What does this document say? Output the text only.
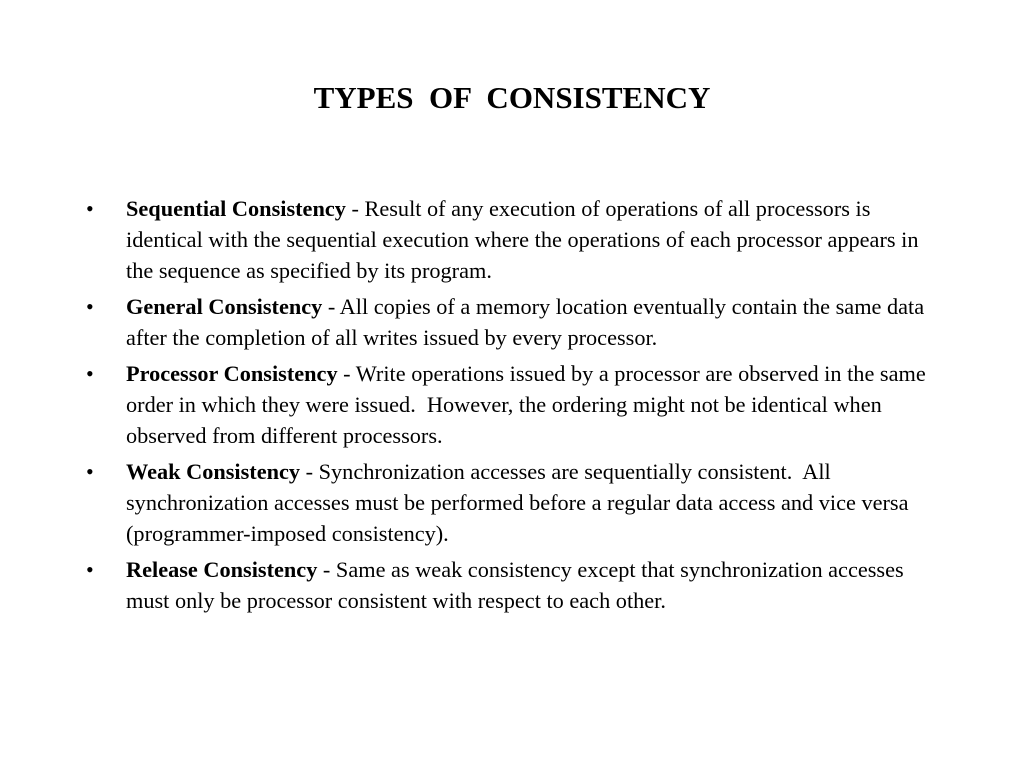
TYPES  OF  CONSISTENCY
•	Sequential Consistency - Result of any execution of operations of all processors is identical with the sequential execution where the operations of each processor appears in the sequence as specified by its program.
•	General Consistency - All copies of a memory location eventually contain the same data after the completion of all writes issued by every processor.
•	Processor Consistency - Write operations issued by a processor are observed in the same order in which they were issued.  However, the ordering might not be identical when observed from different processors.
•	Weak Consistency - Synchronization accesses are sequentially consistent.  All synchronization accesses must be performed before a regular data access and vice versa (programmer-imposed consistency).
•	Release Consistency - Same as weak consistency except that synchronization accesses must only be processor consistent with respect to each other.
